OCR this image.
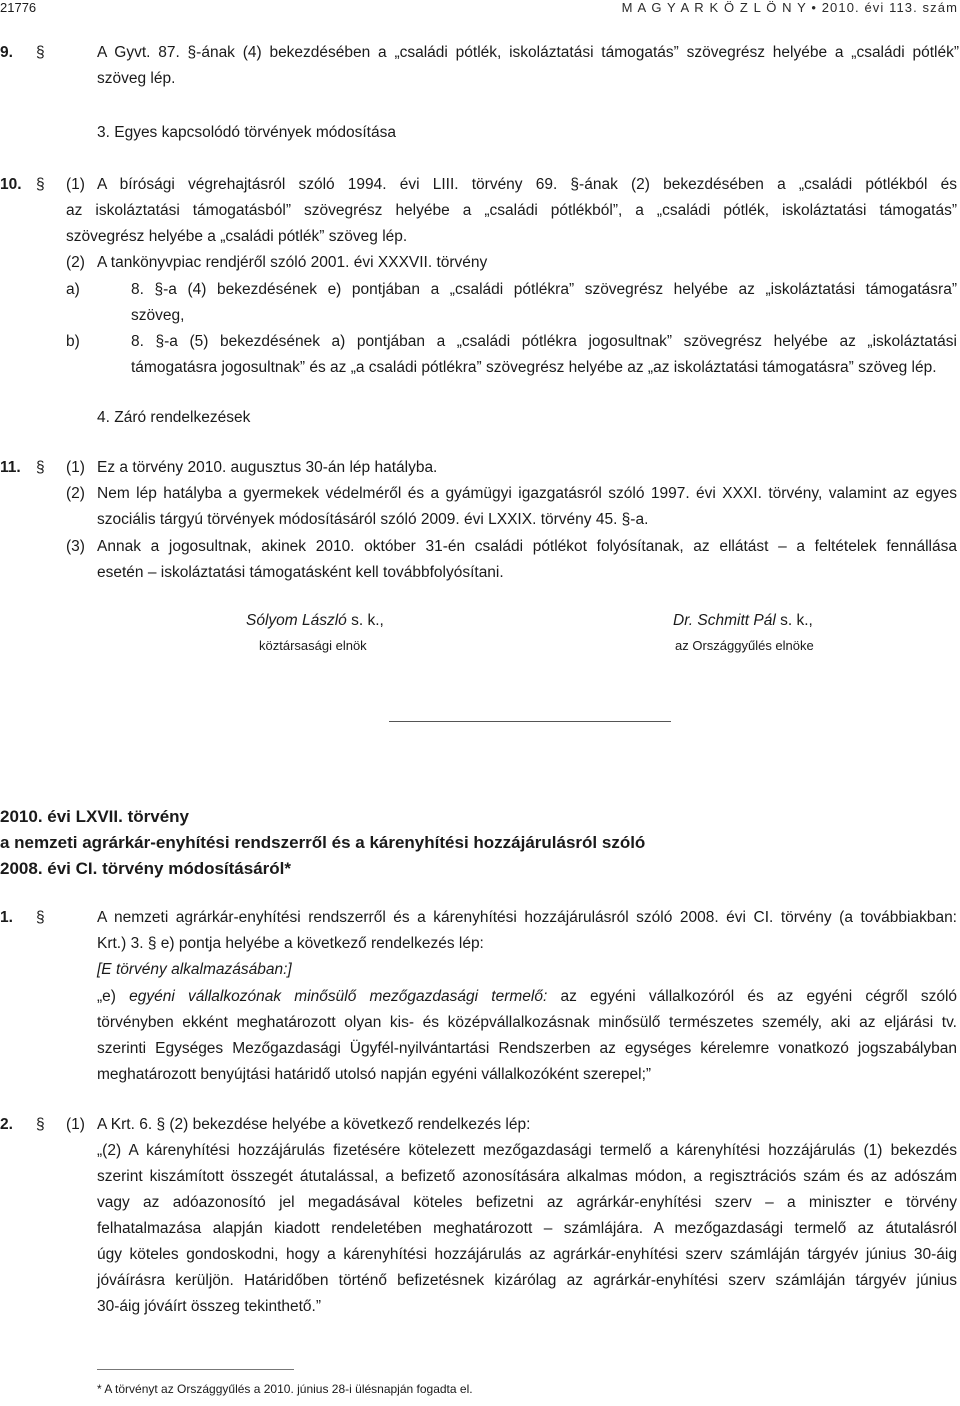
21776	M A G Y A R K Ö Z L Ö N Y • 2010. évi 113. szám
9. §	A Gyvt. 87. §-ának (4) bekezdésében a „családi pótlék, iskoláztatási támogatás” szövegrész helyébe a „családi pótlék”
szöveg lép.
3. Egyes kapcsolódó törvények módosítása
10. § (1) A bírósági végrehajtásról szóló 1994. évi LIII. törvény 69. §-ának (2) bekezdésében a „családi pótlékból és
az iskoláztatási támogatásból” szövegrész helyébe a „családi pótlékból”, a „családi pótlék, iskoláztatási támogatás”
szövegrész helyébe a „családi pótlék” szöveg lép.
(2) A tankönyvpiac rendjéről szóló 2001. évi XXXVII. törvény
a)	8. §-a (4) bekezdésének e) pontjában a „családi pótlékra” szövegrész helyébe az „iskoláztatási támogatásra”
szöveg,
b)	8. §-a (5) bekezdésének a) pontjában a „családi pótlékra jogosultnak” szövegrész helyébe az „iskoláztatási
támogatásra jogosultnak” és az „a családi pótlékra” szövegrész helyébe az „az iskoláztatási támogatásra” szöveg lép.
4. Záró rendelkezések
11. § (1) Ez a törvény 2010. augusztus 30-án lép hatályba.
(2) Nem lép hatályba a gyermekek védelméről és a gyámügyi igazgatásról szóló 1997. évi XXXI. törvény, valamint az egyes
szociális tárgyú törvények módosításáról szóló 2009. évi LXXIX. törvény 45. §-a.
(3) Annak a jogosultnak, akinek 2010. október 31-én családi pótlékot folyósítanak, az ellátást – a feltételek fennállása
esetén – iskoláztatási támogatásként kell továbbfolyósítani.
Sólyom László s. k.,
köztársasági elnök
Dr. Schmitt Pál s. k.,
az Országgyűlés elnöke
2010. évi LXVII. törvény
a nemzeti agrárkár-enyhítési rendszerről és a kárenyhítési hozzájárulásról szóló
2008. évi CI. törvény módosításáról*
1. §	A nemzeti agrárkár-enyhítési rendszerről és a kárenyhítési hozzájárulásról szóló 2008. évi CI. törvény (a továbbiakban:
Krt.) 3. § e) pontja helyébe a következő rendelkezés lép:
[E törvény alkalmazásában:]
„e) egyéni vállalkozónak minősülő mezőgazdasági termelő: az egyéni vállalkozóról és az egyéni cégről szóló
törvényben ekként meghatározott olyan kis- és középvállalkozásnak minősülő természetes személy, aki az eljárási tv.
szerinti Egységes Mezőgazdasági Ügyfél-nyilvántartási Rendszerben az egységes kérelemre vonatkozó jogszabályban
meghatározott benyújtási határidő utolsó napján egyéni vállalkozóként szerepel;”
2. § (1) A Krt. 6. § (2) bekezdése helyébe a következő rendelkezés lép:
„(2) A kárenyhítési hozzájárulás fizetésére kötelezett mezőgazdasági termelő a kárenyhítési hozzájárulás (1) bekezdés
szerint kiszámított összegét átutalással, a befizető azonosítására alkalmas módon, a regisztrációs szám és az adószám
vagy az adóazonosító jel megadásával köteles befizetni az agrárkár-enyhítési szerv – a miniszter e törvény
felhatalmazása alapján kiadott rendeletében meghatározott – számlájára. A mezőgazdasági termelő az átutalásról
úgy köteles gondoskodni, hogy a kárenyhítési hozzájárulás az agrárkár-enyhítési szerv számláján tárgyév június 30-áig
jóváírásra kerüljön. Határidőben történő befizetésnek kizárólag az agrárkár-enyhítési szerv számláján tárgyév június
30-áig jóváírt összeg tekinthető.”
* A törvényt az Országgyűlés a 2010. június 28-i ülésnapján fogadta el.
